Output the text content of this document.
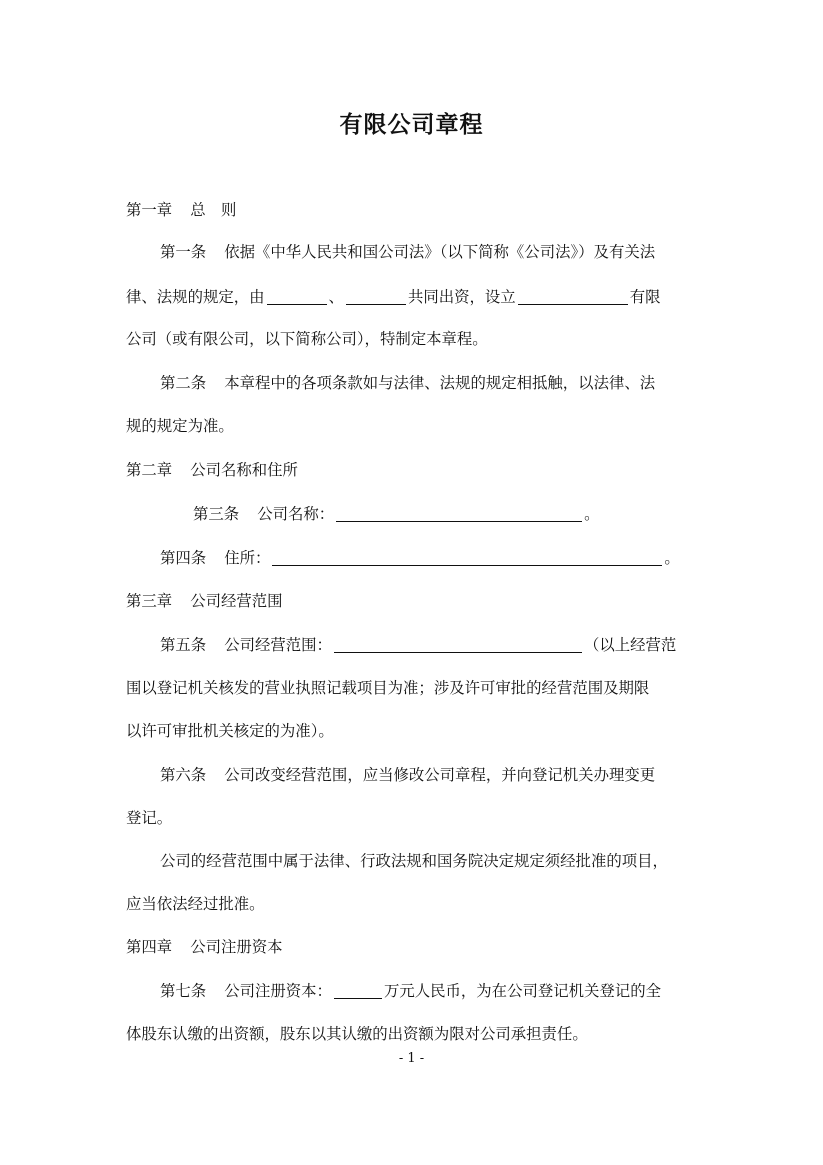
有限公司章程
第一章 总　则
第一条 依据《中华人民共和国公司法》（以下简称《公司法》）及有关法
律、法规的规定，由	、	共同出资，设立	有限
公司（或有限公司，以下简称公司），特制定本章程。
第二条 本章程中的各项条款如与法律、法规的规定相抵触，以法律、法
规的规定为准。
第二章 公司名称和住所
第三条 公司名称：	。
第四条 住所：	。
第三章 公司经营范围
第五条 公司经营范围：	（以上经营范
围以登记机关核发的营业执照记载项目为准；涉及许可审批的经营范围及期限
以许可审批机关核定的为准）。
第六条 公司改变经营范围，应当修改公司章程，并向登记机关办理变更
登记。
公司的经营范围中属于法律、行政法规和国务院决定规定须经批准的项目，
应当依法经过批准。
第四章 公司注册资本
第七条 公司注册资本：	万元人民币，为在公司登记机关登记的全
体股东认缴的出资额，股东以其认缴的出资额为限对公司承担责任。
- 1 -
